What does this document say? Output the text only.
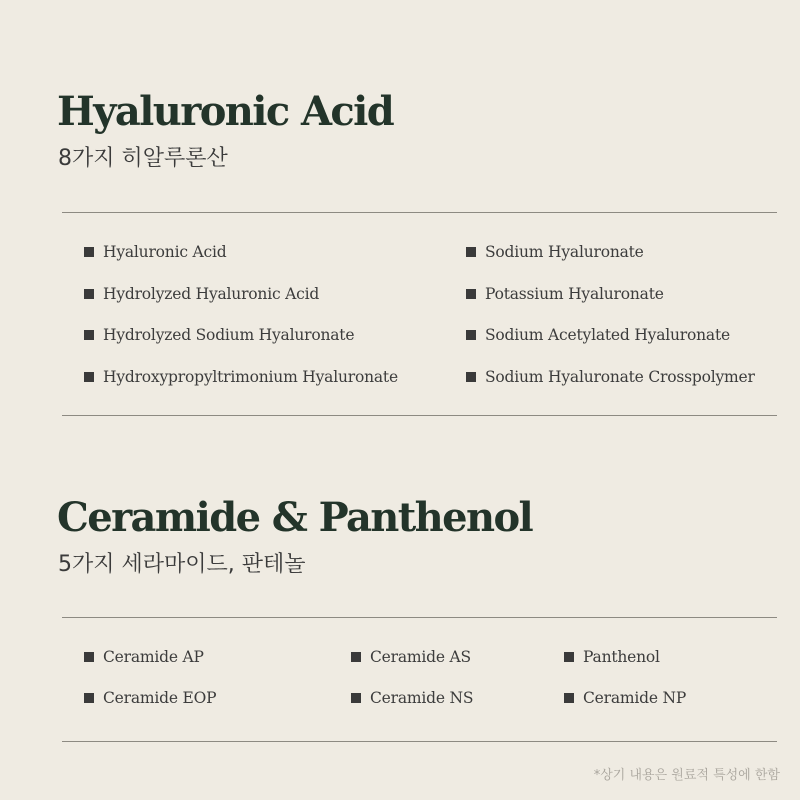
Hyaluronic Acid

8가지 히알루론산

Hyaluronic Acid
Hydrolyzed Hyaluronic Acid
Hydrolyzed Sodium Hyaluronate
Hydroxypropyltrimonium Hyaluronate
Sodium Hyaluronate
Potassium Hyaluronate
Sodium Acetylated Hyaluronate
Sodium Hyaluronate Crosspolymer
Ceramide & Panthenol

5가지 세라마이드, 판테놀

Ceramide AP
Ceramide EOP
Ceramide AS
Ceramide NS
Panthenol
Ceramide NP
*상기 내용은 원료적 특성에 한함
